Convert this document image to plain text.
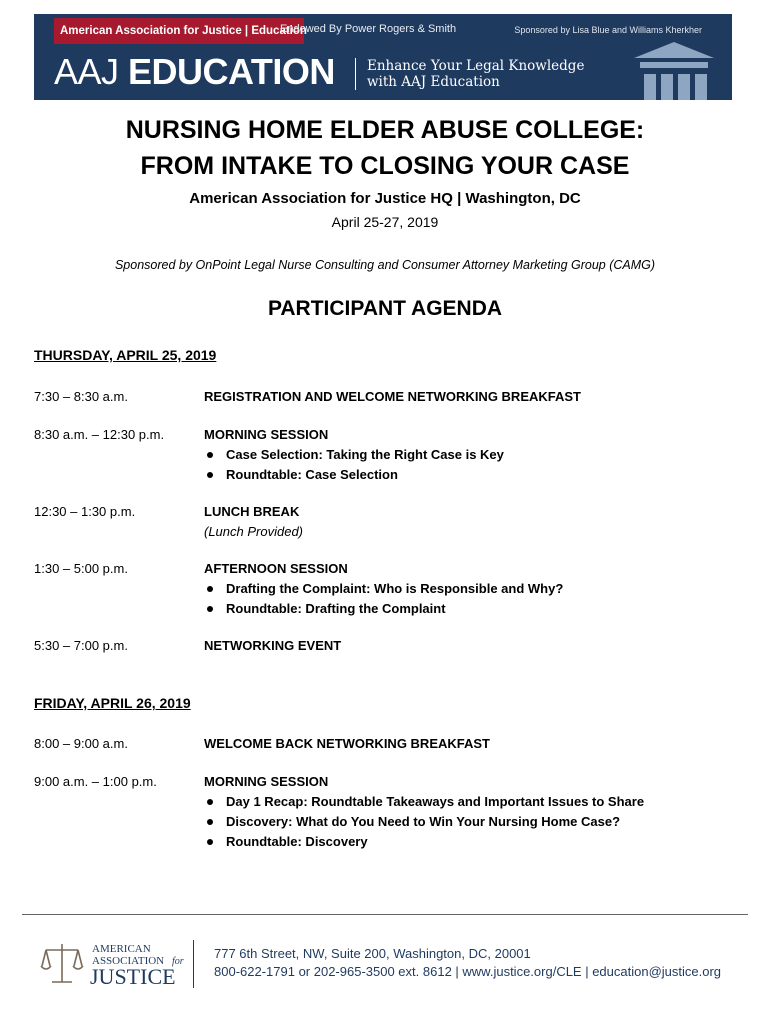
American Association for Justice | Education
Endowed By Power Rogers & Smith	Sponsored by Lisa Blue and Williams Kherkher
AAJ EDUCATION Enhance Your Legal Knowledge
with AAJ Education
NURSING HOME ELDER ABUSE COLLEGE:
FROM INTAKE TO CLOSING YOUR CASE
American Association for Justice HQ | Washington, DC
April 25-27, 2019
Sponsored by OnPoint Legal Nurse Consulting and Consumer Attorney Marketing Group (CAMG)
PARTICIPANT AGENDA
THURSDAY, APRIL 25, 2019
7:30 – 8:30 a.m.	REGISTRATION AND WELCOME NETWORKING BREAKFAST
8:30 a.m. – 12:30 p.m.	MORNING SESSION
Case Selection: Taking the Right Case is Key
Roundtable: Case Selection
12:30 – 1:30 p.m.	LUNCH BREAK
(Lunch Provided)
1:30 – 5:00 p.m.	AFTERNOON SESSION
Drafting the Complaint: Who is Responsible and Why?
Roundtable: Drafting the Complaint
5:30 – 7:00 p.m.	NETWORKING EVENT
FRIDAY, APRIL 26, 2019
8:00 – 9:00 a.m.	WELCOME BACK NETWORKING BREAKFAST
9:00 a.m. – 1:00 p.m.	MORNING SESSION
Day 1 Recap: Roundtable Takeaways and Important Issues to Share
Discovery: What do You Need to Win Your Nursing Home Case?
Roundtable: Discovery
AMERICAN
ASSOCIATION for
JUSTICE
777 6th Street, NW, Suite 200, Washington, DC, 20001
800-622-1791 or 202-965-3500 ext. 8612 | www.justice.org/CLE | education@justice.org
